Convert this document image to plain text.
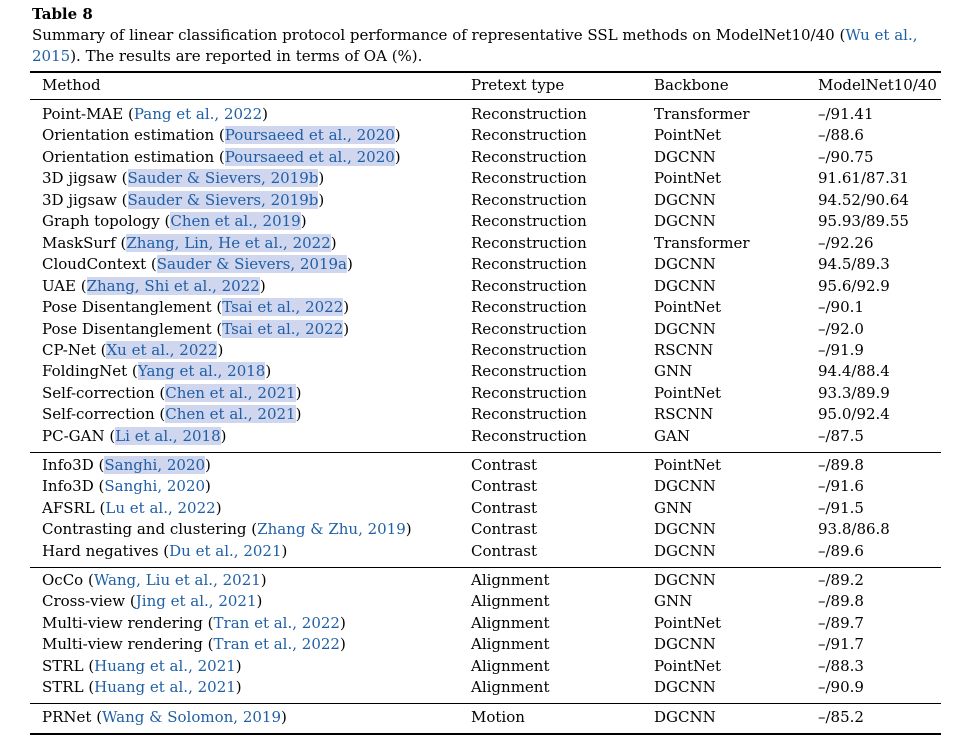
Table 8
Summary of linear classification protocol performance of representative SSL methods on ModelNet10/40 (Wu et al., 2015). The results are reported in terms of OA (%).
Method	Pretext type	Backbone	ModelNet10/40
Point-MAE (Pang et al., 2022)	Reconstruction	Transformer	–/91.41
Orientation estimation (Poursaeed et al., 2020)	Reconstruction	PointNet	–/88.6
Orientation estimation (Poursaeed et al., 2020)	Reconstruction	DGCNN	–/90.75
3D jigsaw (Sauder & Sievers, 2019b)	Reconstruction	PointNet	91.61/87.31
3D jigsaw (Sauder & Sievers, 2019b)	Reconstruction	DGCNN	94.52/90.64
Graph topology (Chen et al., 2019)	Reconstruction	DGCNN	95.93/89.55
MaskSurf (Zhang, Lin, He et al., 2022)	Reconstruction	Transformer	–/92.26
CloudContext (Sauder & Sievers, 2019a)	Reconstruction	DGCNN	94.5/89.3
UAE (Zhang, Shi et al., 2022)	Reconstruction	DGCNN	95.6/92.9
Pose Disentanglement (Tsai et al., 2022)	Reconstruction	PointNet	–/90.1
Pose Disentanglement (Tsai et al., 2022)	Reconstruction	DGCNN	–/92.0
CP-Net (Xu et al., 2022)	Reconstruction	RSCNN	–/91.9
FoldingNet (Yang et al., 2018)	Reconstruction	GNN	94.4/88.4
Self-correction (Chen et al., 2021)	Reconstruction	PointNet	93.3/89.9
Self-correction (Chen et al., 2021)	Reconstruction	RSCNN	95.0/92.4
PC-GAN (Li et al., 2018)	Reconstruction	GAN	–/87.5
Info3D (Sanghi, 2020)	Contrast	PointNet	–/89.8
Info3D (Sanghi, 2020)	Contrast	DGCNN	–/91.6
AFSRL (Lu et al., 2022)	Contrast	GNN	–/91.5
Contrasting and clustering (Zhang & Zhu, 2019)	Contrast	DGCNN	93.8/86.8
Hard negatives (Du et al., 2021)	Contrast	DGCNN	–/89.6
OcCo (Wang, Liu et al., 2021)	Alignment	DGCNN	–/89.2
Cross-view (Jing et al., 2021)	Alignment	GNN	–/89.8
Multi-view rendering (Tran et al., 2022)	Alignment	PointNet	–/89.7
Multi-view rendering (Tran et al., 2022)	Alignment	DGCNN	–/91.7
STRL (Huang et al., 2021)	Alignment	PointNet	–/88.3
STRL (Huang et al., 2021)	Alignment	DGCNN	–/90.9
PRNet (Wang & Solomon, 2019)	Motion	DGCNN	–/85.2
